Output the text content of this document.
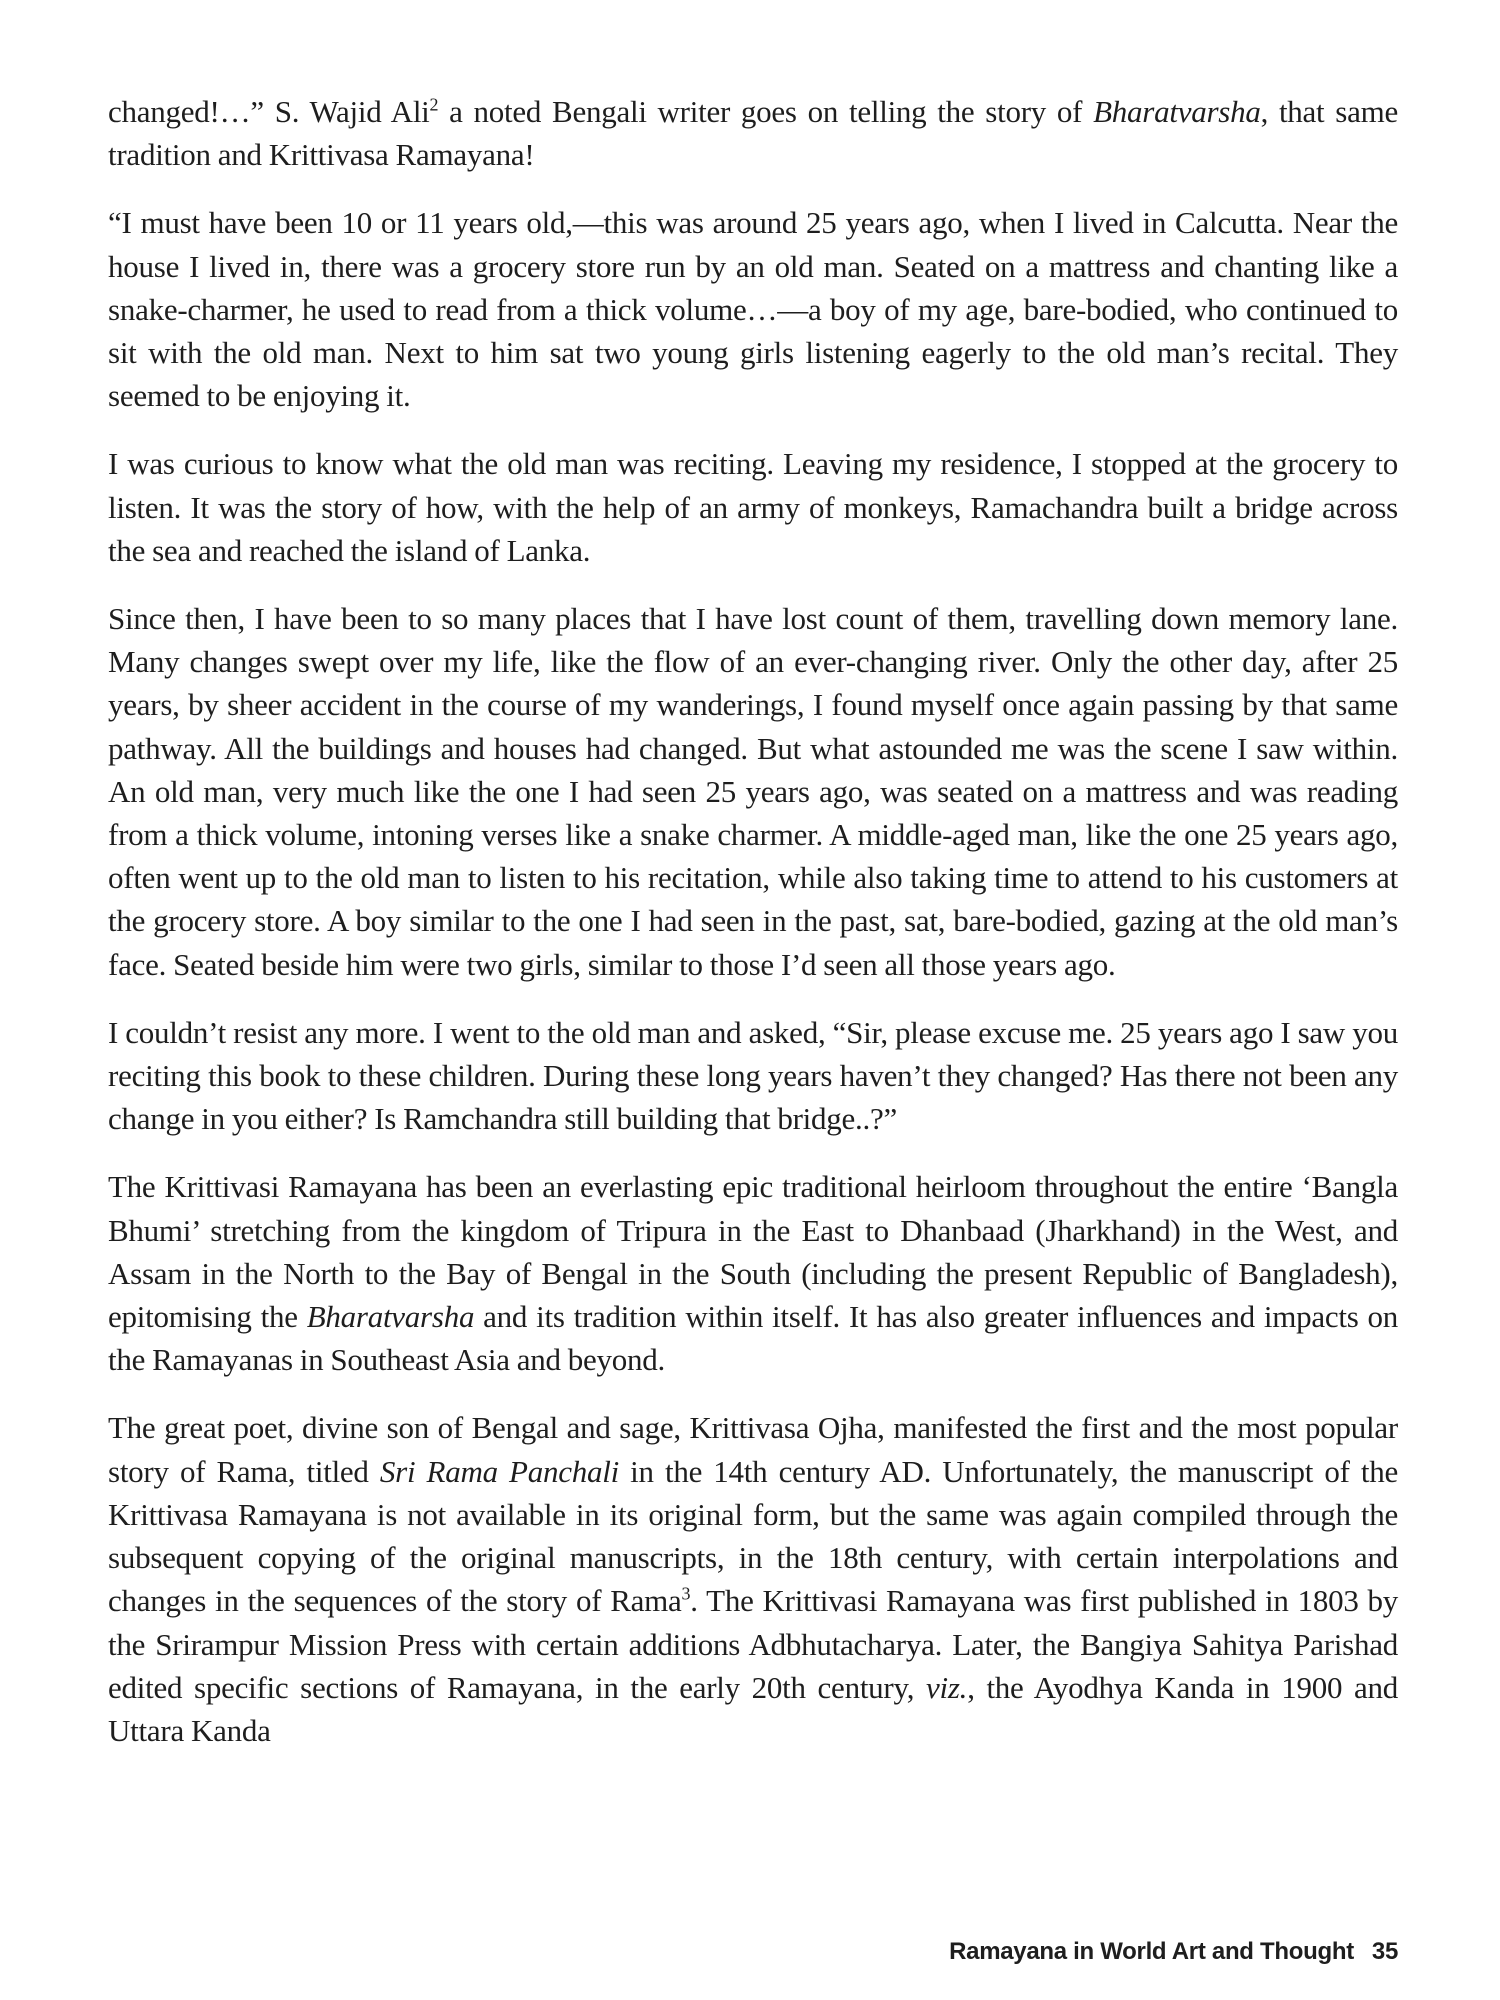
changed!…” S. Wajid Ali$^2$ a noted Bengali writer goes on telling the story of Bharatvarsha, that same tradition and Krittivasa Ramayana!

“I must have been 10 or 11 years old,—this was around 25 years ago, when I lived in Calcutta. Near the house I lived in, there was a grocery store run by an old man. Seated on a mattress and chanting like a snake-charmer, he used to read from a thick volume…—a boy of my age, bare-bodied, who continued to sit with the old man. Next to him sat two young girls listening eagerly to the old man’s recital. They seemed to be enjoying it.

I was curious to know what the old man was reciting. Leaving my residence, I stopped at the grocery to listen. It was the story of how, with the help of an army of monkeys, Ramachandra built a bridge across the sea and reached the island of Lanka.

Since then, I have been to so many places that I have lost count of them, travelling down memory lane. Many changes swept over my life, like the flow of an ever-changing river. Only the other day, after 25 years, by sheer accident in the course of my wanderings, I found myself once again passing by that same pathway. All the buildings and houses had changed. But what astounded me was the scene I saw within. An old man, very much like the one I had seen 25 years ago, was seated on a mattress and was reading from a thick volume, intoning verses like a snake charmer. A middle-aged man, like the one 25 years ago, often went up to the old man to listen to his recitation, while also taking time to attend to his customers at the grocery store. A boy similar to the one I had seen in the past, sat, bare-bodied, gazing at the old man’s face. Seated beside him were two girls, similar to those I’d seen all those years ago.

I couldn’t resist any more. I went to the old man and asked, “Sir, please excuse me. 25 years ago I saw you reciting this book to these children. During these long years haven’t they changed? Has there not been any change in you either? Is Ramchandra still building that bridge..?”

The Krittivasi Ramayana has been an everlasting epic traditional heirloom throughout the entire ‘Bangla Bhumi’ stretching from the kingdom of Tripura in the East to Dhanbaad (Jharkhand) in the West, and Assam in the North to the Bay of Bengal in the South (including the present Republic of Bangladesh), epitomising the Bharatvarsha and its tradition within itself. It has also greater influences and impacts on the Ramayanas in Southeast Asia and beyond.

The great poet, divine son of Bengal and sage, Krittivasa Ojha, manifested the first and the most popular story of Rama, titled Sri Rama Panchali in the 14th century AD. Unfortunately, the manuscript of the Krittivasa Ramayana is not available in its original form, but the same was again compiled through the subsequent copying of the original manuscripts, in the 18th century, with certain interpolations and changes in the sequences of the story of Rama$^3$. The Krittivasi Ramayana was first published in 1803 by the Srirampur Mission Press with certain additions Adbhutacharya. Later, the Bangiya Sahitya Parishad edited specific sections of Ramayana, in the early 20th century, viz., the Ayodhya Kanda in 1900 and Uttara Kanda

Ramayana in World Art and Thought 35
